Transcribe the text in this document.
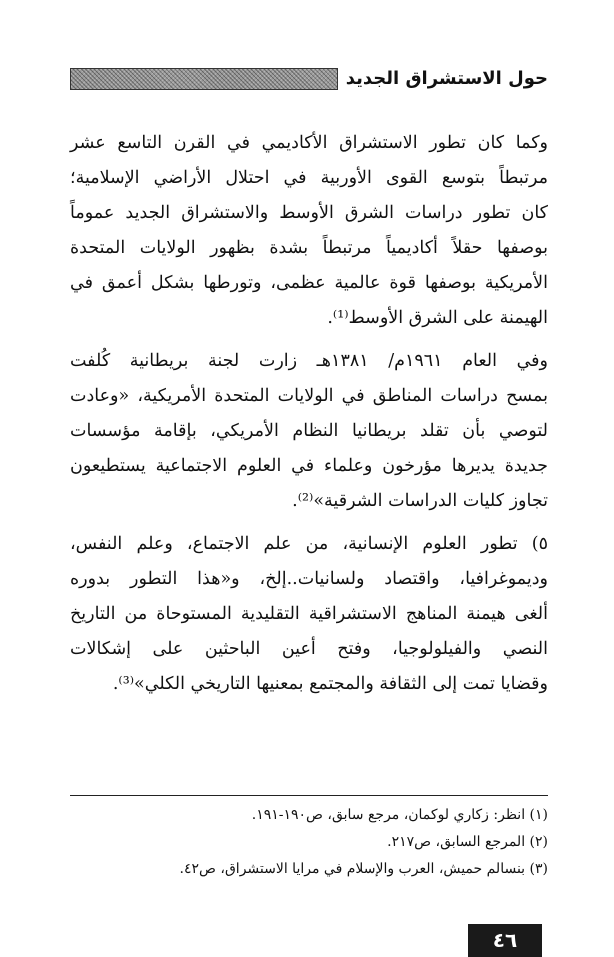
حول الاستشراق الجديد
وكما كان تطور الاستشراق الأكاديمي في القرن التاسع عشر
مرتبطاً بتوسع القوى الأوربية في احتلال الأراضي الإسلامية؛
كان تطور دراسات الشرق الأوسط والاستشراق الجديد عموماً
بوصفها حقلاً أكاديمياً مرتبطاً بشدة بظهور الولايات المتحدة
الأمريكية بوصفها قوة عالمية عظمى، وتورطها بشكل أعمق في
الهيمنة على الشرق الأوسط⁽¹⁾.
وفي العام ١٩٦١م/ ١٣٨١هـ زارت لجنة بريطانية كُلفت
بمسح دراسات المناطق في الولايات المتحدة الأمريكية، «وعادت
لتوصي بأن تقلد بريطانيا النظام الأمريكي، بإقامة مؤسسات
جديدة يديرها مؤرخون وعلماء في العلوم الاجتماعية يستطيعون
تجاوز كليات الدراسات الشرقية»⁽²⁾.
٥) تطور العلوم الإنسانية، من علم الاجتماع، وعلم النفس،
وديموغرافيا، واقتصاد ولسانيات..إلخ، و«هذا التطور بدوره
ألغى هيمنة المناهج الاستشراقية التقليدية المستوحاة من التاريخ
النصي والفيلولوجيا، وفتح أعين الباحثين على إشكالات
وقضايا تمت إلى الثقافة والمجتمع بمعنيها التاريخي الكلي»⁽³⁾.
(١) انظر: زكاري لوكمان، مرجع سابق، ص١٩٠-١٩١.
(٢) المرجع السابق، ص٢١٧.
(٣) بنسالم حميش، العرب والإسلام في مرايا الاستشراق، ص٤٢.
٤٦
